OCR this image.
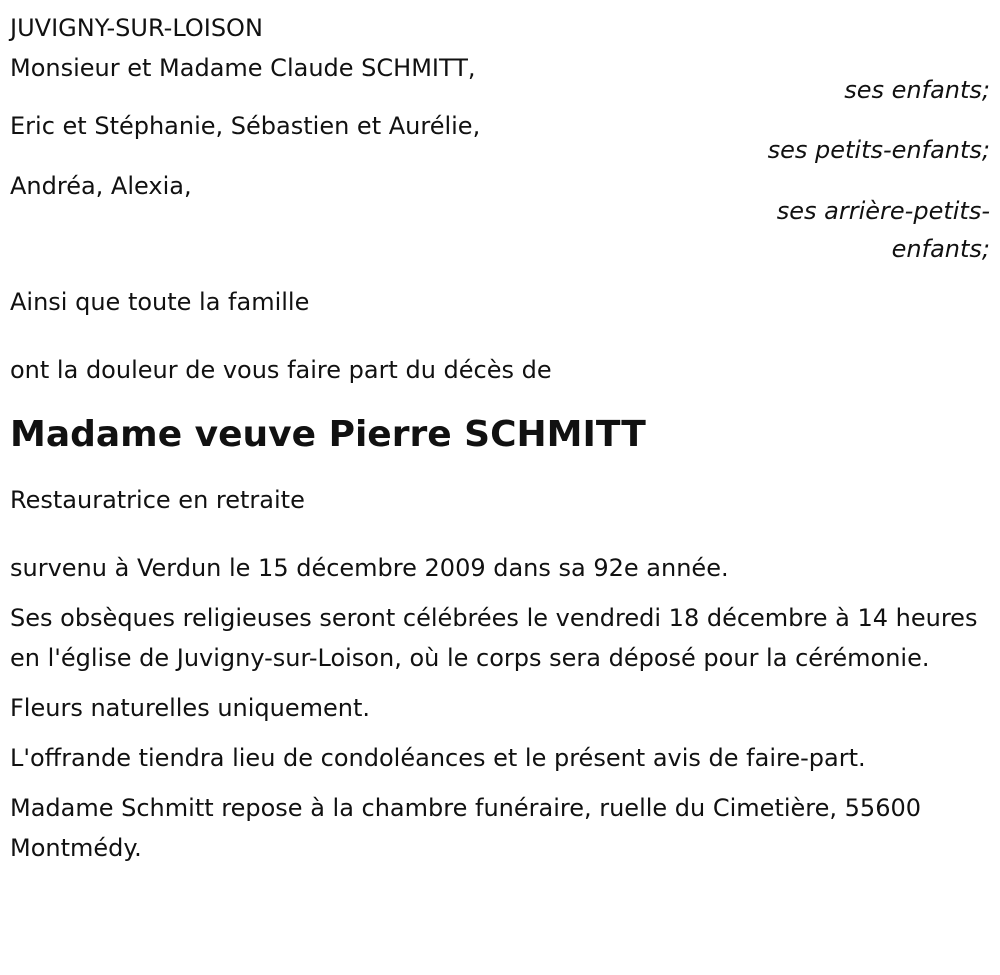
JUVIGNY-SUR-LOISON

Monsieur et Madame Claude SCHMITT,

ses enfants;

Eric et Stéphanie, Sébastien et Aurélie,

ses petits-enfants;

Andréa, Alexia,

ses arrière-petits-enfants;

Ainsi que toute la famille

ont la douleur de vous faire part du décès de

Madame veuve Pierre SCHMITT

Restauratrice en retraite

survenu à Verdun le 15 décembre 2009 dans sa 92e année.

Ses obsèques religieuses seront célébrées le vendredi 18 décembre à 14 heures en l'église de Juvigny-sur-Loison, où le corps sera déposé pour la cérémonie.

Fleurs naturelles uniquement.

L'offrande tiendra lieu de condoléances et le présent avis de faire-part.

Madame Schmitt repose à la chambre funéraire, ruelle du Cimetière, 55600 Montmédy.
